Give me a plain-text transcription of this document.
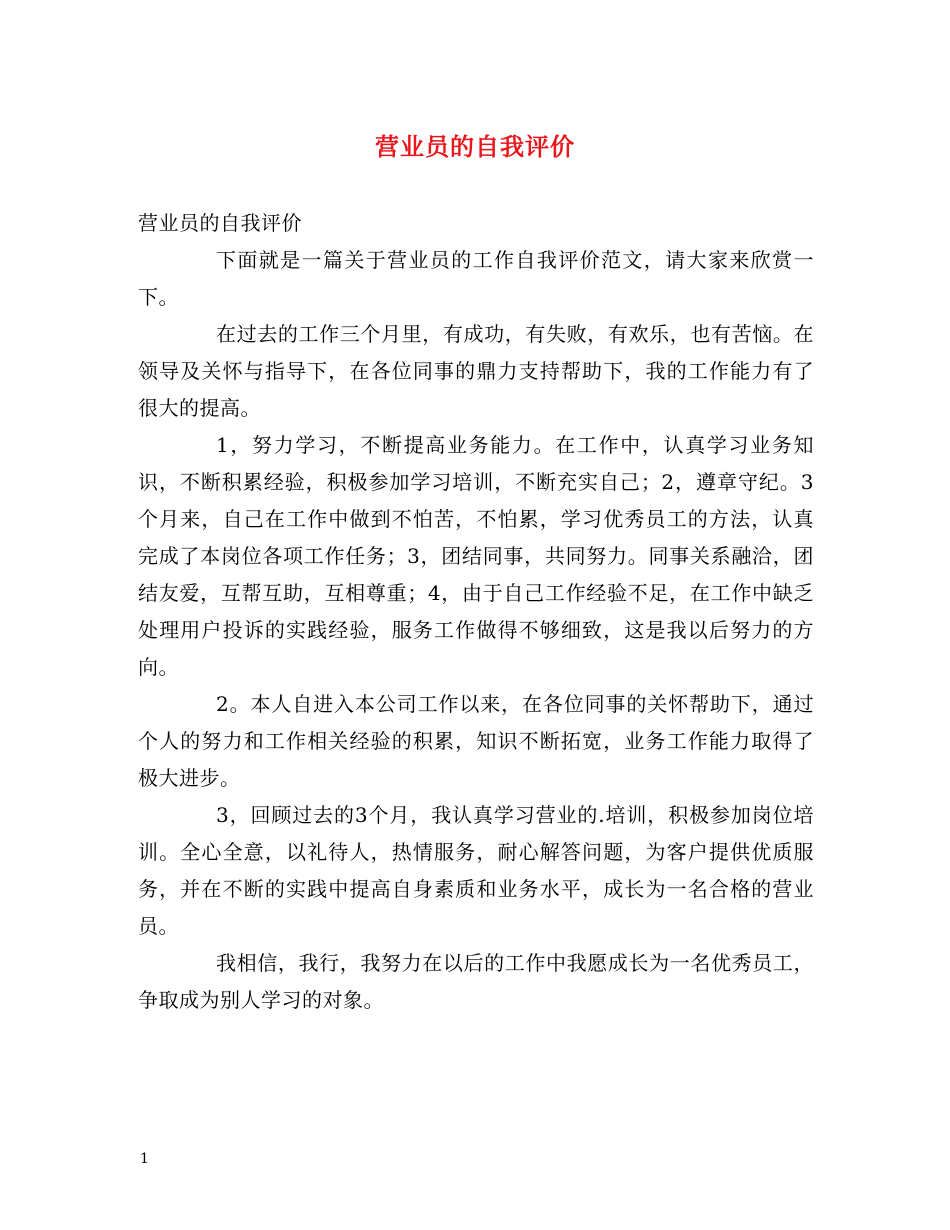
营业员的自我评价

营业员的自我评价

下面就是一篇关于营业员的工作自我评价范文，请大家来欣赏一下。

在过去的工作三个月里，有成功，有失败，有欢乐，也有苦恼。在领导及关怀与指导下，在各位同事的鼎力支持帮助下，我的工作能力有了很大的提高。

1，努力学习，不断提高业务能力。在工作中，认真学习业务知识，不断积累经验，积极参加学习培训，不断充实自己；2，遵章守纪。3个月来，自己在工作中做到不怕苦，不怕累，学习优秀员工的方法，认真完成了本岗位各项工作任务；3，团结同事，共同努力。同事关系融洽，团结友爱，互帮互助，互相尊重；4，由于自己工作经验不足，在工作中缺乏处理用户投诉的实践经验，服务工作做得不够细致，这是我以后努力的方向。

2。本人自进入本公司工作以来，在各位同事的关怀帮助下，通过个人的努力和工作相关经验的积累，知识不断拓宽，业务工作能力取得了极大进步。

3，回顾过去的3个月，我认真学习营业的.培训，积极参加岗位培训。全心全意，以礼待人，热情服务，耐心解答问题，为客户提供优质服务，并在不断的实践中提高自身素质和业务水平，成长为一名合格的营业员。

我相信，我行，我努力在以后的工作中我愿成长为一名优秀员工，争取成为别人学习的对象。

1
